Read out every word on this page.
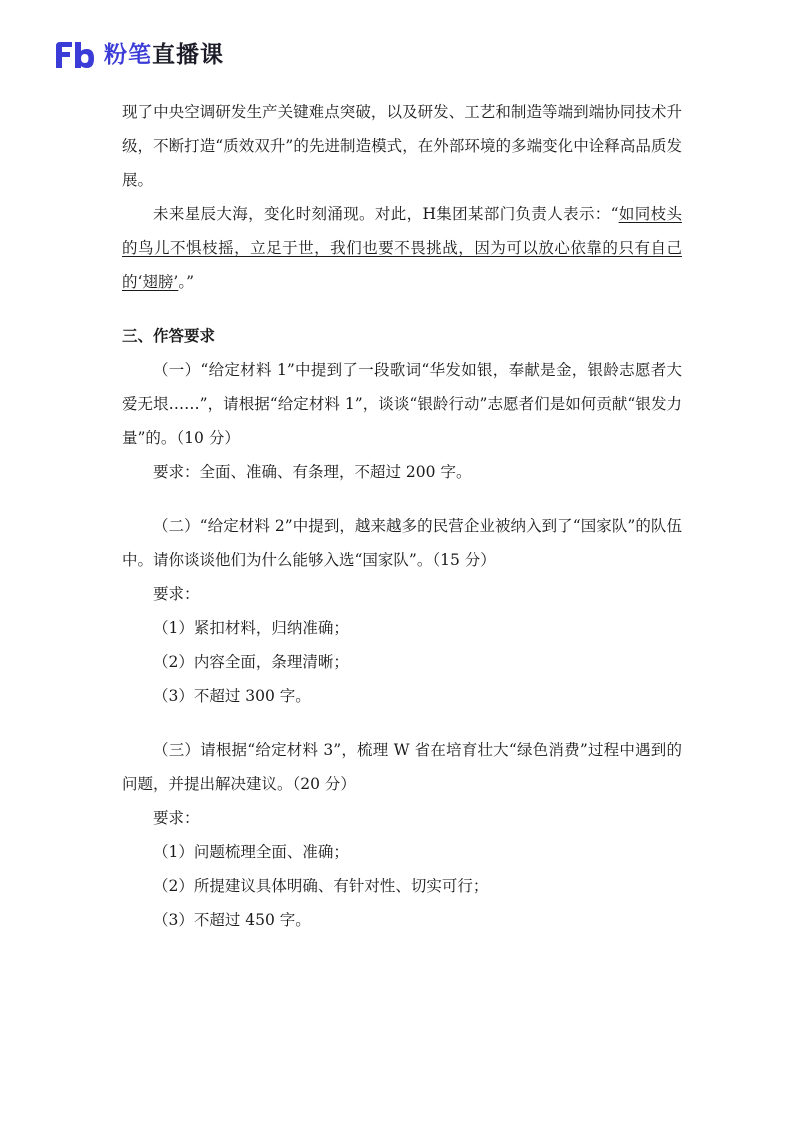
粉笔直播课

现了中央空调研发生产关键难点突破，以及研发、工艺和制造等端到端协同技术升级，不断打造“质效双升”的先进制造模式，在外部环境的多端变化中诠释高品质发展。

未来星辰大海，变化时刻涌现。对此，H集团某部门负责人表示：“如同枝头的鸟儿不惧枝摇，立足于世，我们也要不畏挑战，因为可以放心依靠的只有自己的‘翅膀’。”

三、作答要求

（一）“给定材料 1”中提到了一段歌词“华发如银，奉献是金，银龄志愿者大爱无垠……”，请根据“给定材料 1”，谈谈“银龄行动”志愿者们是如何贡献“银发力量”的。（10 分）

要求：全面、准确、有条理，不超过 200 字。

（二）“给定材料 2”中提到，越来越多的民营企业被纳入到了“国家队”的队伍中。请你谈谈他们为什么能够入选“国家队”。（15 分）

要求：

（1）紧扣材料，归纳准确；

（2）内容全面，条理清晰；

（3）不超过 300 字。

（三）请根据“给定材料 3”，梳理 W 省在培育壮大“绿色消费”过程中遇到的问题，并提出解决建议。（20 分）

要求：

（1）问题梳理全面、准确；

（2）所提建议具体明确、有针对性、切实可行；

（3）不超过 450 字。
